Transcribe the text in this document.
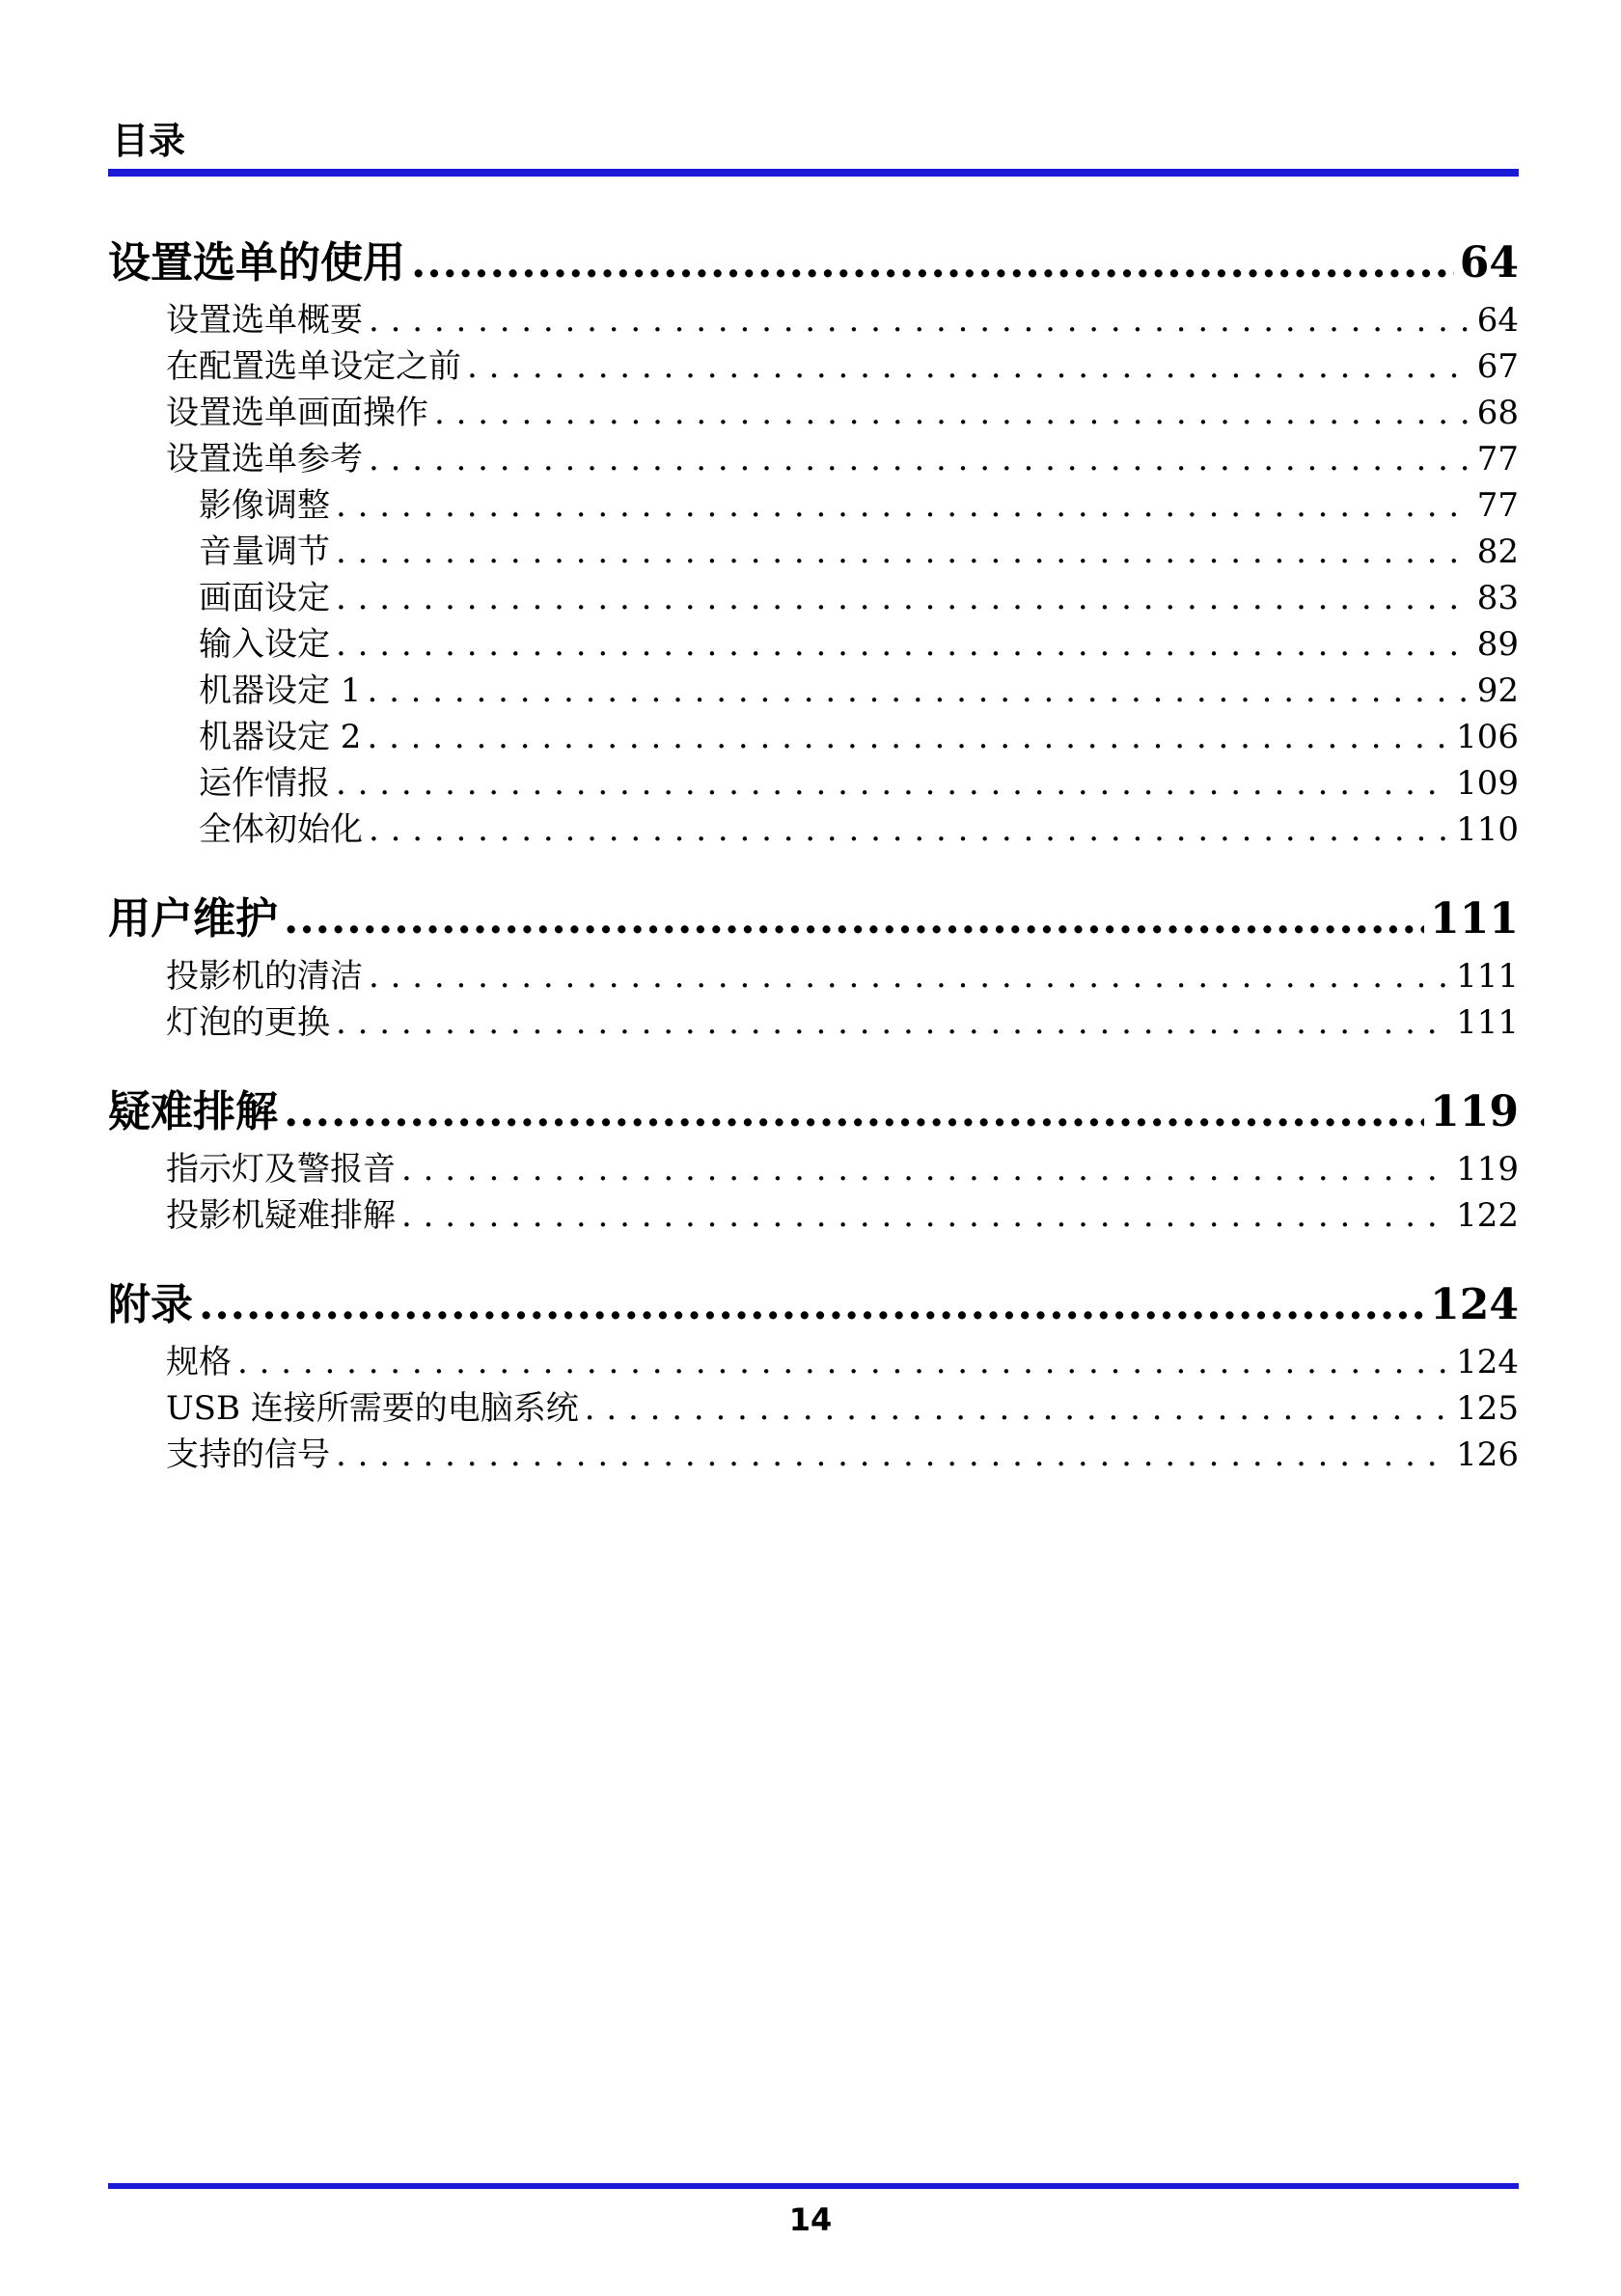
目录
设置选单的使用 .....	64
设置选单概要 . . .	64
在配置选单设定之前 . . .	67
设置选单画面操作 . . .	68
设置选单参考 . . .	77
影像调整 . . .	77
音量调节 . . .	82
画面设定 . . .	83
输入设定 . . .	89
机器设定 1 . . .	92
机器设定 2 . . .	106
运作情报 . . .	109
全体初始化 . . .	110
用户维护 .....	111
投影机的清洁 . . .	111
灯泡的更换 . . .	111
疑难排解 .....	119
指示灯及警报音 . . .	119
投影机疑难排解 . . .	122
附录 .....	124
规格 . . .	124
USB 连接所需要的电脑系统 . . .	125
支持的信号 . . .	126
14
